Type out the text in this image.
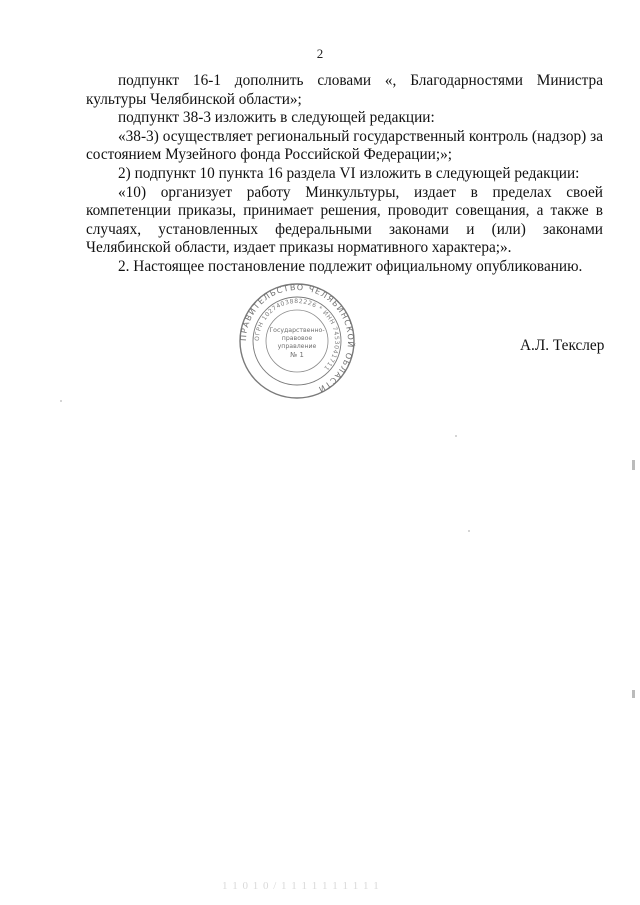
2

подпункт 16-1 дополнить словами «, Благодарностями Министра культуры Челябинской области»;

подпункт 38-3 изложить в следующей редакции:

«38-3) осуществляет региональный государственный контроль (надзор) за состоянием Музейного фонда Российской Федерации;»;

2) подпункт 10 пункта 16 раздела VI изложить в следующей редакции:

«10) организует работу Минкультуры, издает в пределах своей компетенции приказы, принимает решения, проводит совещания, а также в случаях, установленных федеральными законами и (или) законами Челябинской области, издает приказы нормативного характера;».

2. Настоящее постановление подлежит официальному опубликованию.

ПРАВИТЕЛЬСТВО ЧЕЛЯБИНСКОЙ ОБЛАСТИ
ОГРН 1027403882226 * ИНН 7453041711
Государственно-
правовое
управление
№ 1
А.Л. Текслер
1 1 0 1 0 / 1 1 1 1 1 1 1 1 1 1
